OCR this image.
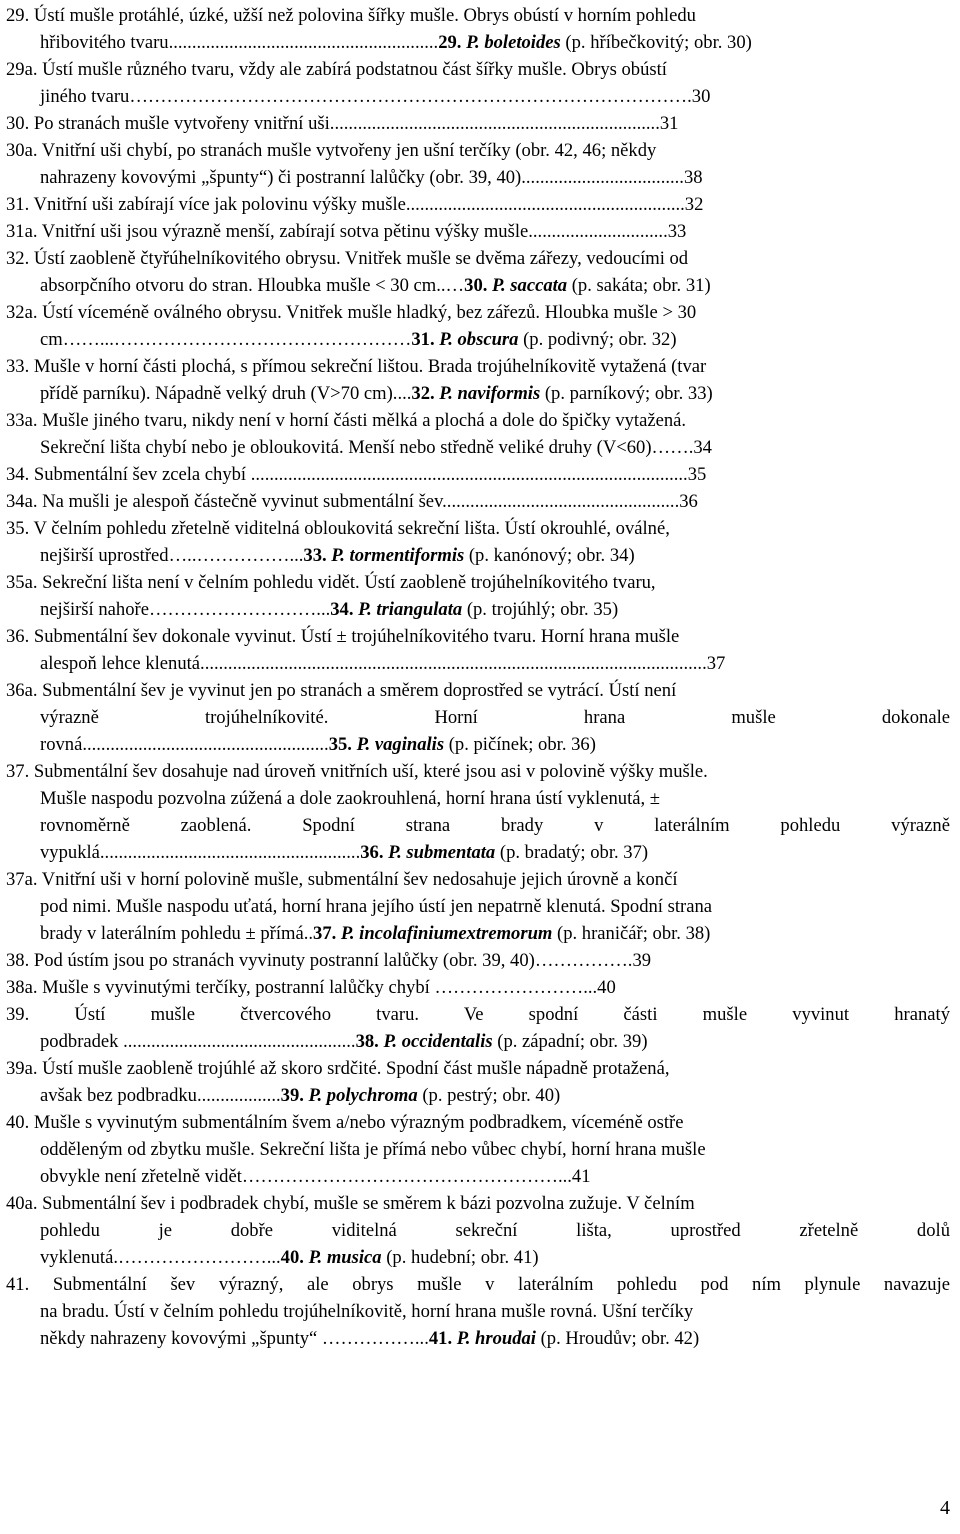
29. Ústí mušle protáhlé, úzké, užší než polovina šířky mušle. Obrys obústí v horním pohledu
hřibovitého tvaru..........................................................29. P. boletoides (p. hříbečkovitý; obr. 30)
29a. Ústí mušle různého tvaru, vždy ale zabírá podstatnou část šířky mušle. Obrys obústí
jiného tvaru……………………………………………………………………………….30
30. Po stranách mušle vytvořeny vnitřní uši.......................................................................31
30a. Vnitřní uši chybí, po stranách mušle vytvořeny jen ušní terčíky (obr. 42, 46; někdy
nahrazeny kovovými „špunty“) či postranní lalůčky (obr. 39, 40)...................................38
31. Vnitřní uši zabírají více jak polovinu výšky mušle............................................................32
31a. Vnitřní uši jsou výrazně menší, zabírají sotva pětinu výšky mušle..............................33
32. Ústí zaobleně čtyřúhelníkovitého obrysu. Vnitřek mušle se dvěma zářezy, vedoucími od
absorpčního otvoru do stran. Hloubka mušle < 30 cm..…30. P. saccata (p. sakáta; obr. 31)
32a. Ústí víceméně oválného obrysu. Vnitřek mušle hladký, bez zářezů. Hloubka mušle > 30
cm……...…………………………………………31. P. obscura (p. podivný; obr. 32)
33. Mušle v horní části plochá, s přímou sekreční lištou. Brada trojúhelníkovitě vytažená (tvar
přídě parníku). Nápadně velký druh (V>70 cm)....32. P. naviformis (p. parníkový; obr. 33)
33a. Mušle jiného tvaru, nikdy není v horní části mělká a plochá a dole do špičky vytažená.
Sekreční lišta chybí nebo je obloukovitá. Menší nebo středně veliké druhy (V<60)…….34
34. Submentální šev zcela chybí ..............................................................................................35
34a. Na mušli je alespoň částečně vyvinut submentální šev...................................................36
35. V čelním pohledu zřetelně viditelná obloukovitá sekreční lišta. Ústí okrouhlé, oválné,
nejširší uprostřed…..……………...33. P. tormentiformis (p. kanónový; obr. 34)
35a. Sekreční lišta není v čelním pohledu vidět. Ústí zaobleně trojúhelníkovitého tvaru,
nejširší nahoře………………………...34. P. triangulata (p. trojúhlý; obr. 35)
36. Submentální šev dokonale vyvinut. Ústí ± trojúhelníkovitého tvaru. Horní hrana mušle
alespoň lehce klenutá.............................................................................................................37
36a. Submentální šev je vyvinut jen po stranách a směrem doprostřed se vytrácí. Ústí není
výrazně trojúhelníkovité. Horní hrana mušle dokonale
rovná.....................................................35. P. vaginalis (p. pičínek; obr. 36)
37. Submentální šev dosahuje nad úroveň vnitřních uší, které jsou asi v polovině výšky mušle.
Mušle naspodu pozvolna zúžená a dole zaokrouhlená, horní hrana ústí vyklenutá, ±
rovnoměrně zaoblená. Spodní strana brady v laterálním pohledu výrazně
vypuklá........................................................36. P. submentata (p. bradatý; obr. 37)
37a. Vnitřní uši v horní polovině mušle, submentální šev nedosahuje jejich úrovně a končí
pod nimi. Mušle naspodu uťatá, horní hrana jejího ústí jen nepatrně klenutá. Spodní strana
brady v laterálním pohledu ± přímá..37. P. incolafiniumextremorum (p. hraničář; obr. 38)
38. Pod ústím jsou po stranách vyvinuty postranní lalůčky (obr. 39, 40)…………….39
38a. Mušle s vyvinutými terčíky, postranní lalůčky chybí ……………………...40
39. Ústí mušle čtvercového tvaru. Ve spodní části mušle vyvinut hranatý
podbradek ..................................................38. P. occidentalis (p. západní; obr. 39)
39a. Ústí mušle zaobleně trojúhlé až skoro srdčité. Spodní část mušle nápadně protažená,
avšak bez podbradku..................39. P. polychroma (p. pestrý; obr. 40)
40. Mušle s vyvinutým submentálním švem a/nebo výrazným podbradkem, víceméně ostře
odděleným od zbytku mušle. Sekreční lišta je přímá nebo vůbec chybí, horní hrana mušle
obvykle není zřetelně vidět……………………………………………...41
40a. Submentální šev i podbradek chybí, mušle se směrem k bázi pozvolna zužuje. V čelním
pohledu je dobře viditelná sekreční lišta, uprostřed zřetelně dolů
vyklenutá.……………………...40. P. musica (p. hudební; obr. 41)
41. Submentální šev výrazný, ale obrys mušle v laterálním pohledu pod ním plynule navazuje
na bradu. Ústí v čelním pohledu trojúhelníkovitě, horní hrana mušle rovná. Ušní terčíky
někdy nahrazeny kovovými „špunty“ ……………...41. P. hroudai (p. Hroudův; obr. 42)
4
